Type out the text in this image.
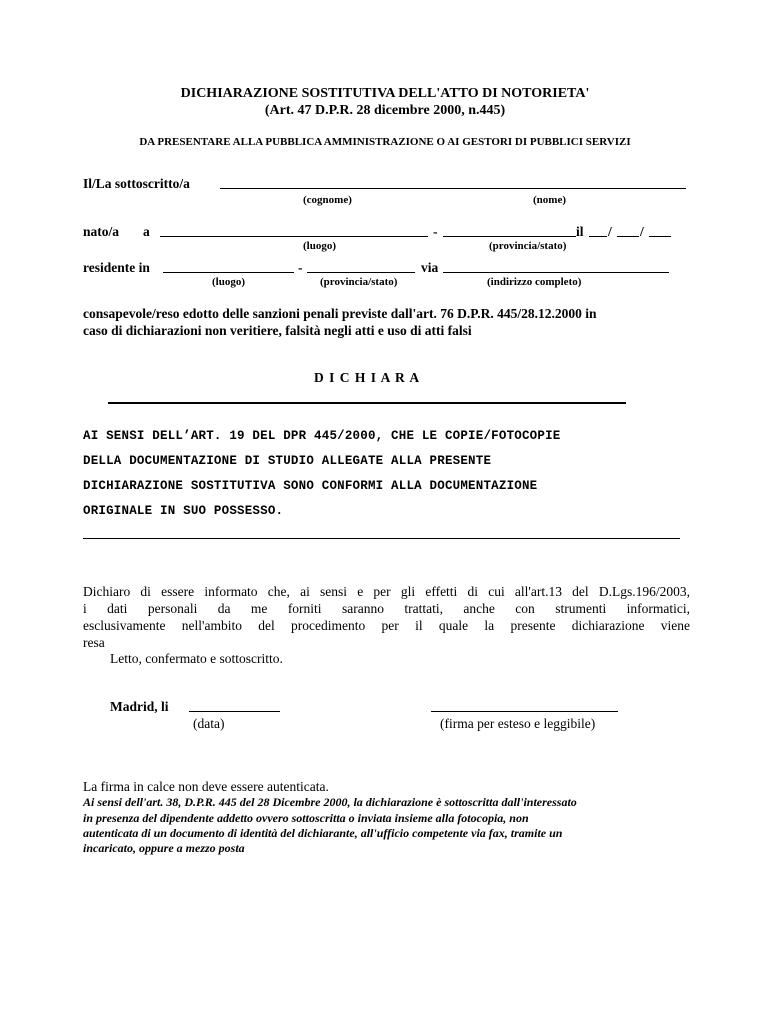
DICHIARAZIONE SOSTITUTIVA DELL'ATTO DI NOTORIETA'
(Art. 47 D.P.R. 28 dicembre 2000, n.445)
DA PRESENTARE ALLA PUBBLICA AMMINISTRAZIONE O AI GESTORI DI PUBBLICI SERVIZI
Il/La sottoscritto/a
(cognome)	(nome)
nato/a a	-	il / /
(luogo)	(provincia/stato)
residente in	-	via
(luogo)	(provincia/stato)	(indirizzo completo)
consapevole/reso edotto delle sanzioni penali previste dall'art. 76 D.P.R. 445/28.12.2000 in
caso di dichiarazioni non veritiere, falsità negli atti e uso di atti falsi
D I C H I A R A
AI SENSI DELL’ART. 19 DEL DPR 445/2000, CHE LE COPIE/FOTOCOPIE
DELLA DOCUMENTAZIONE DI STUDIO ALLEGATE ALLA PRESENTE
DICHIARAZIONE SOSTITUTIVA SONO CONFORMI ALLA DOCUMENTAZIONE
ORIGINALE IN SUO POSSESSO.
Dichiaro di essere informato che, ai sensi e per gli effetti di cui all'art.13 del D.Lgs.196/2003,
i dati personali da me forniti saranno trattati, anche con strumenti informatici,
esclusivamente nell'ambito del procedimento per il quale la presente dichiarazione viene
resa
Letto, confermato e sottoscritto.
Madrid, li
(data)	(firma per esteso e leggibile)
La firma in calce non deve essere autenticata.
Ai sensi dell'art. 38, D.P.R. 445 del 28 Dicembre 2000, la dichiarazione è sottoscritta dall'interessato
in presenza del dipendente addetto ovvero sottoscritta o inviata insieme alla fotocopia, non
autenticata di un documento di identità del dichiarante, all'ufficio competente via fax, tramite un
incaricato, oppure a mezzo posta
